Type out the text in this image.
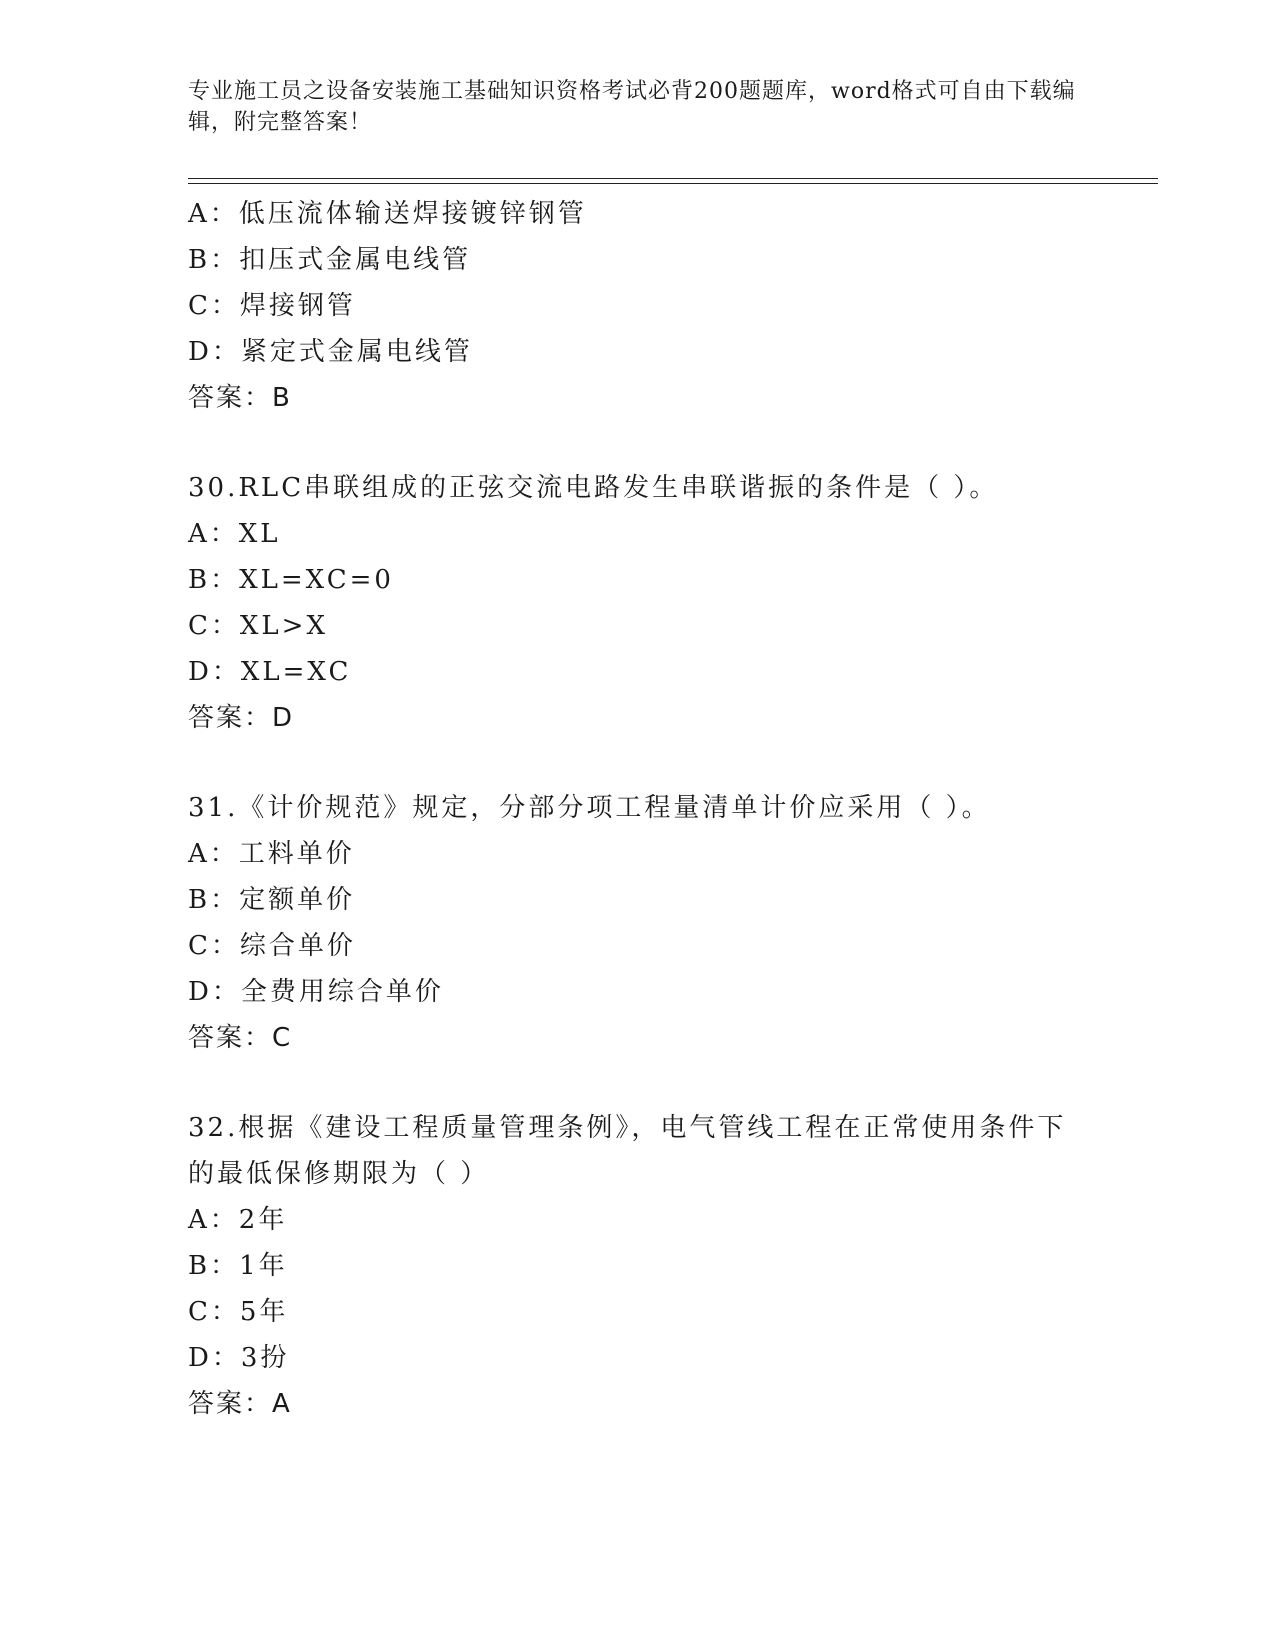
专业施工员之设备安装施工基础知识资格考试必背200题题库，word格式可自由下载编辑，附完整答案！
A：低压流体输送焊接镀锌钢管
B：扣压式金属电线管
C：焊接钢管
D：紧定式金属电线管
答案：B
30.RLC串联组成的正弦交流电路发生串联谐振的条件是（ ）。
A：XL
B：XL=XC=0
C：XL>X
D：XL=XC
答案：D
31.《计价规范》规定，分部分项工程量清单计价应采用（ ）。
A：工料单价
B：定额单价
C：综合单价
D：全费用综合单价
答案：C
32.根据《建设工程质量管理条例》，电气管线工程在正常使用条件下的最低保修期限为（ ）
A：2年
B：1年
C：5年
D：3扮
答案：A
